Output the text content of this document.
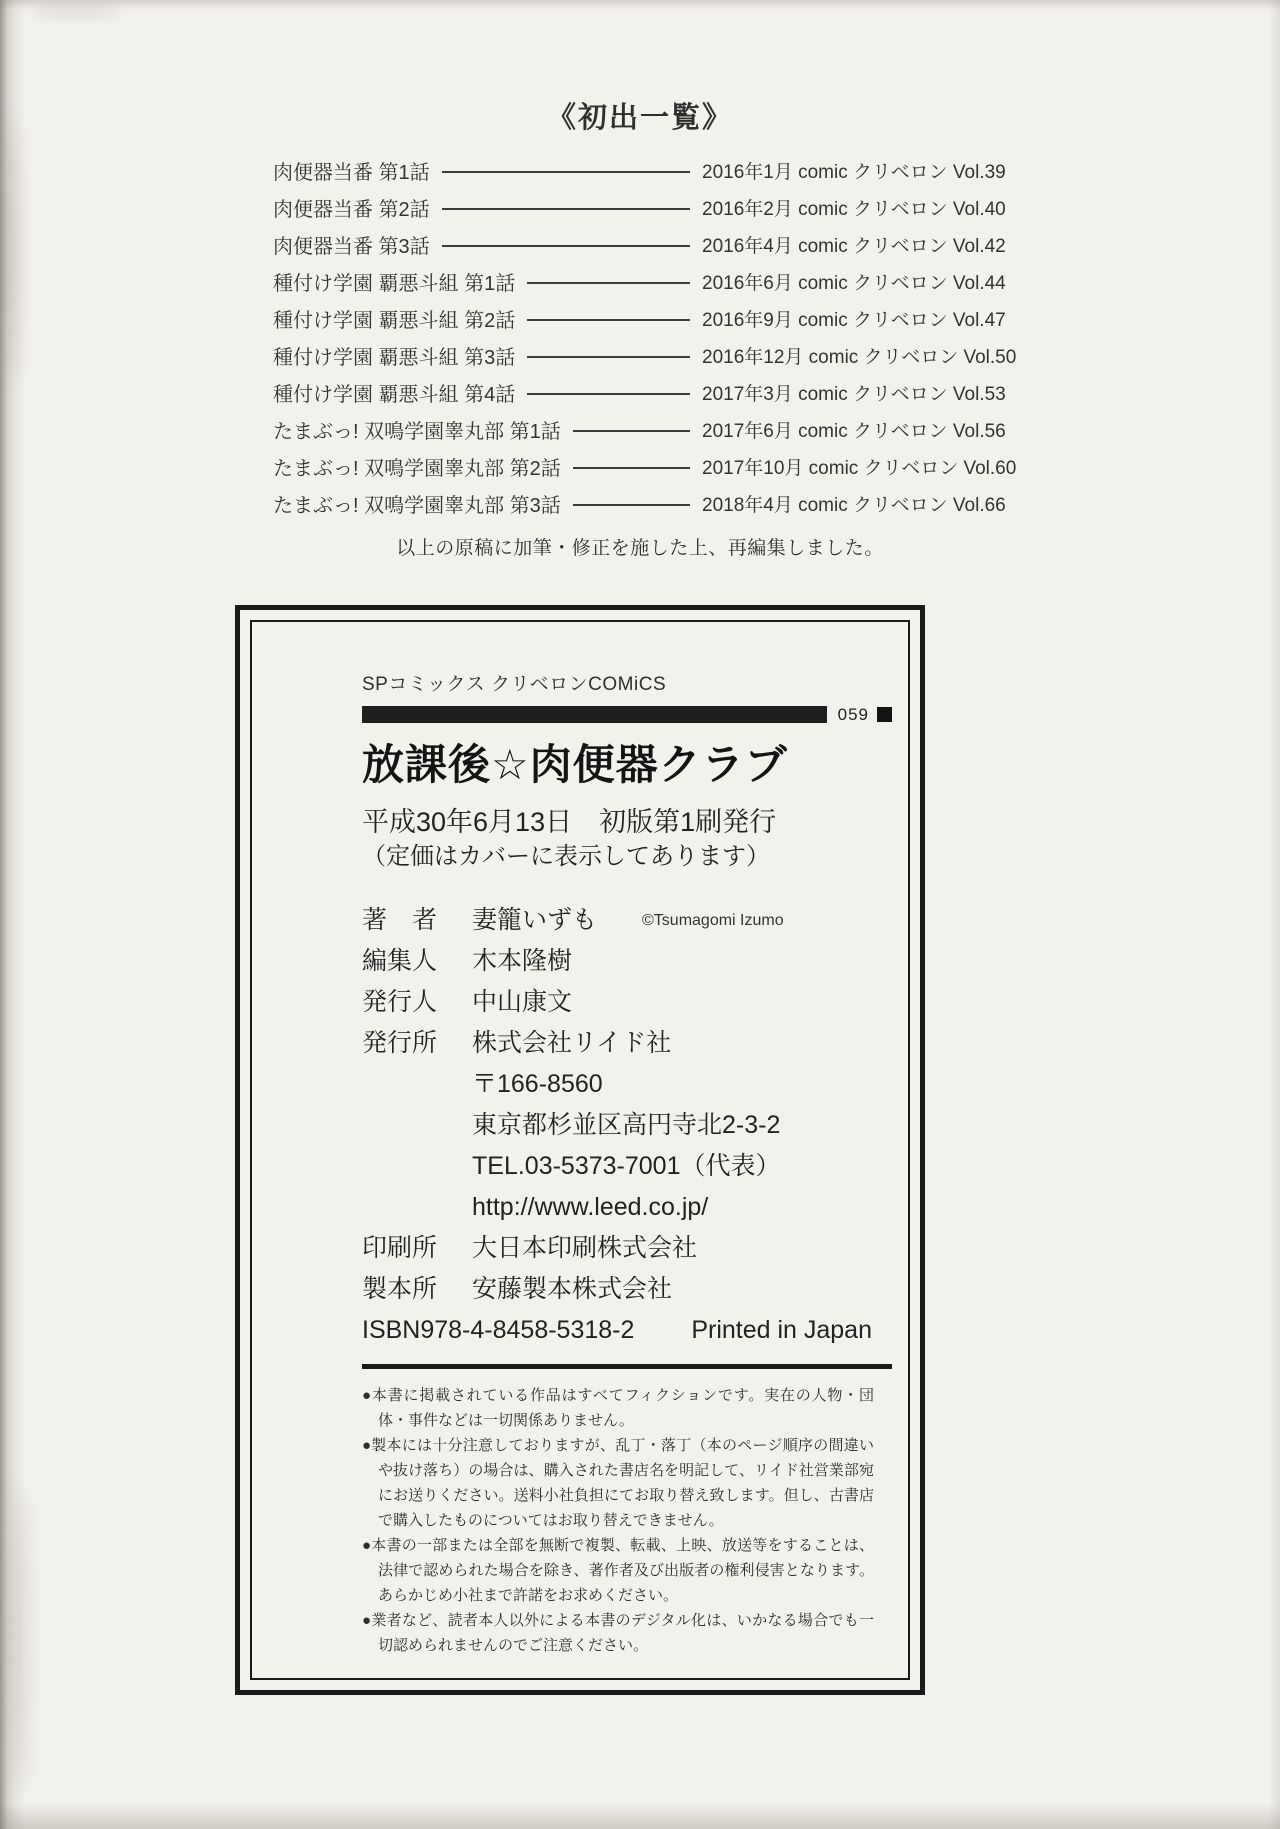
《初出一覧》
肉便器当番 第1話	2016年1月 comic クリベロン Vol.39
肉便器当番 第2話	2016年2月 comic クリベロン Vol.40
肉便器当番 第3話	2016年4月 comic クリベロン Vol.42
種付け学園 覇悪斗組 第1話	2016年6月 comic クリベロン Vol.44
種付け学園 覇悪斗組 第2話	2016年9月 comic クリベロン Vol.47
種付け学園 覇悪斗組 第3話	2016年12月 comic クリベロン Vol.50
種付け学園 覇悪斗組 第4話	2017年3月 comic クリベロン Vol.53
たまぶっ! 双鳴学園睾丸部 第1話	2017年6月 comic クリベロン Vol.56
たまぶっ! 双鳴学園睾丸部 第2話	2017年10月 comic クリベロン Vol.60
たまぶっ! 双鳴学園睾丸部 第3話	2018年4月 comic クリベロン Vol.66
以上の原稿に加筆・修正を施した上、再編集しました。
SPコミックス クリベロンCOMiCS
059
放課後☆肉便器クラブ
平成30年6月13日　初版第1刷発行
（定価はカバーに表示してあります）
著　者	妻籠いずも	©Tsumagomi Izumo
編集人	木本隆樹
発行人	中山康文
発行所	株式会社リイド社
〒166-8560
東京都杉並区高円寺北2-3-2
TEL.03-5373-7001（代表）
http://www.leed.co.jp/
印刷所	大日本印刷株式会社
製本所	安藤製本株式会社
ISBN978-4-8458-5318-2 Printed in Japan
●本書に掲載されている作品はすべてフィクションです。実在の人物・団体・事件などは一切関係ありません。
●製本には十分注意しておりますが、乱丁・落丁（本のページ順序の間違いや抜け落ち）の場合は、購入された書店名を明記して、リイド社営業部宛にお送りください。送料小社負担にてお取り替え致します。但し、古書店で購入したものについてはお取り替えできません。
●本書の一部または全部を無断で複製、転載、上映、放送等をすることは、法律で認められた場合を除き、著作者及び出版者の権利侵害となります。あらかじめ小社まで許諾をお求めください。
●業者など、読者本人以外による本書のデジタル化は、いかなる場合でも一切認められませんのでご注意ください。
